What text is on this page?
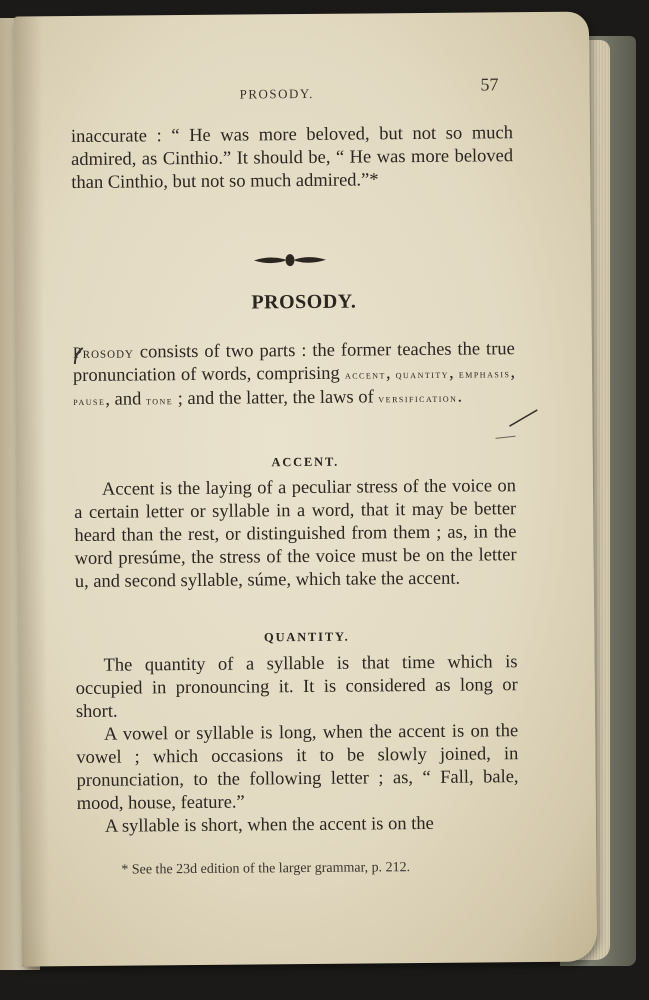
PROSODY.	57
inaccurate : “ He was more beloved, but not so much admired, as Cinthio.” It should be, “ He was more beloved than Cinthio, but not so much admired.”*
PROSODY.
Prosody consists of two parts : the former teaches the true pronunciation of words, comprising accent, quantity, emphasis, pause, and tone ; and the latter, the laws of versification.
ACCENT.
Accent is the laying of a peculiar stress of the voice on a certain letter or syllable in a word, that it may be better heard than the rest, or distinguished from them ; as, in the word presúme, the stress of the voice must be on the letter u, and second syllable, súme, which take the accent.
QUANTITY.

The quantity of a syllable is that time which is occupied in pronouncing it. It is considered as long or short.

A vowel or syllable is long, when the accent is on the vowel ; which occasions it to be slowly joined, in pronunciation, to the following letter ; as, “ Fall, bale, mood, house, feature.”

A syllable is short, when the accent is on the

* See the 23d edition of the larger grammar, p. 212.
